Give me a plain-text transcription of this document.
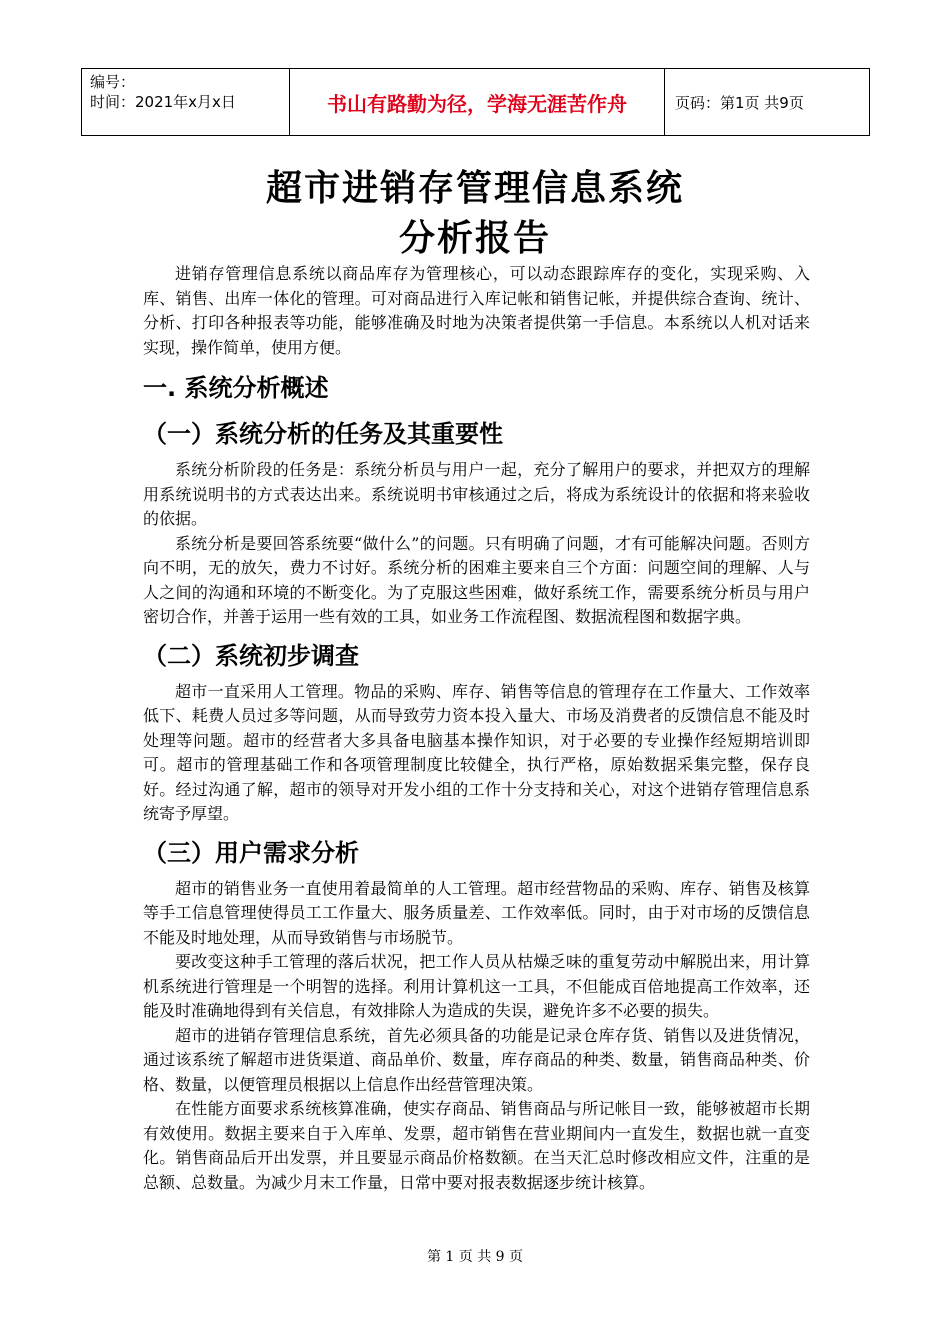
编号：
时间：2021年x月x日	书山有路勤为径，学海无涯苦作舟	页码：第1页 共9页
超市进销存管理信息系统
分析报告

进销存管理信息系统以商品库存为管理核心，可以动态跟踪库存的变化，实现采购、入库、销售、出库一体化的管理。可对商品进行入库记帐和销售记帐，并提供综合查询、统计、分析、打印各种报表等功能，能够准确及时地为决策者提供第一手信息。本系统以人机对话来实现，操作简单，使用方便。

一. 系统分析概述
（一）系统分析的任务及其重要性

系统分析阶段的任务是：系统分析员与用户一起，充分了解用户的要求，并把双方的理解用系统说明书的方式表达出来。系统说明书审核通过之后，将成为系统设计的依据和将来验收的依据。

系统分析是要回答系统要“做什么”的问题。只有明确了问题，才有可能解决问题。否则方向不明，无的放矢，费力不讨好。系统分析的困难主要来自三个方面：问题空间的理解、人与人之间的沟通和环境的不断变化。为了克服这些困难，做好系统工作，需要系统分析员与用户密切合作，并善于运用一些有效的工具，如业务工作流程图、数据流程图和数据字典。

（二）系统初步调查

超市一直采用人工管理。物品的采购、库存、销售等信息的管理存在工作量大、工作效率低下、耗费人员过多等问题，从而导致劳力资本投入量大、市场及消费者的反馈信息不能及时处理等问题。超市的经营者大多具备电脑基本操作知识，对于必要的专业操作经短期培训即可。超市的管理基础工作和各项管理制度比较健全，执行严格，原始数据采集完整，保存良好。经过沟通了解，超市的领导对开发小组的工作十分支持和关心，对这个进销存管理信息系统寄予厚望。

（三）用户需求分析

超市的销售业务一直使用着最简单的人工管理。超市经营物品的采购、库存、销售及核算等手工信息管理使得员工工作量大、服务质量差、工作效率低。同时，由于对市场的反馈信息不能及时地处理，从而导致销售与市场脱节。

要改变这种手工管理的落后状况，把工作人员从枯燥乏味的重复劳动中解脱出来，用计算机系统进行管理是一个明智的选择。利用计算机这一工具，不但能成百倍地提高工作效率，还能及时准确地得到有关信息，有效排除人为造成的失误，避免许多不必要的损失。

超市的进销存管理信息系统，首先必须具备的功能是记录仓库存货、销售以及进货情况，通过该系统了解超市进货渠道、商品单价、数量，库存商品的种类、数量，销售商品种类、价格、数量，以便管理员根据以上信息作出经营管理决策。

在性能方面要求系统核算准确，使实存商品、销售商品与所记帐目一致，能够被超市长期有效使用。数据主要来自于入库单、发票，超市销售在营业期间内一直发生，数据也就一直变化。销售商品后开出发票，并且要显示商品价格数额。在当天汇总时修改相应文件，注重的是总额、总数量。为减少月末工作量，日常中要对报表数据逐步统计核算。

第 1 页 共 9 页
